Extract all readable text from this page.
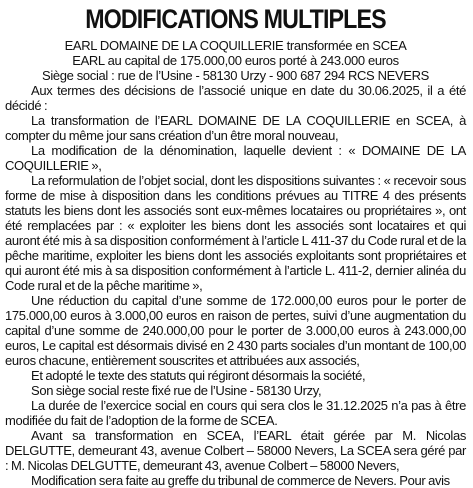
MODIFICATIONS MULTIPLES
EARL DOMAINE DE LA COQUILLERIE transformée en SCEA
EARL au capital de 175.000,00 euros porté à 243.000 euros
Siège social : rue de l’Usine - 58130 Urzy - 900 687 294 RCS NEVERS

Aux termes des décisions de l’associé unique en date du 30.06.2025, il a été décidé :

La transformation de l’EARL DOMAINE DE LA COQUILLERIE en SCEA, à compter du même jour sans création d’un être moral nouveau,

La modification de la dénomination, laquelle devient : « DOMAINE DE LA COQUILLERIE »,

La reformulation de l’objet social, dont les dispositions suivantes : « recevoir sous forme de mise à disposition dans les conditions prévues au TITRE 4 des présents statuts les biens dont les associés sont eux-mêmes locataires ou propriétaires », ont été remplacées par : « exploiter les biens dont les associés sont locataires et qui auront été mis à sa disposition conformément à l’article L 411-37 du Code rural et de la pêche maritime, exploiter les biens dont les associés exploitants sont propriétaires et qui auront été mis à sa disposition conformément à l’article L. 411-2, dernier alinéa du Code rural et de la pêche maritime »,

Une réduction du capital d’une somme de 172.000,00 euros pour le porter de 175.000,00 euros à 3.000,00 euros en raison de pertes, suivi d’une augmentation du capital d’une somme de 240.000,00 pour le porter de 3.000,00 euros à 243.000,00 euros, Le capital est désormais divisé en 2 430 parts sociales d’un montant de 100,00 euros chacune, entièrement souscrites et attribuées aux associés,

Et adopté le texte des statuts qui régiront désormais la société,

Son siège social reste fixé rue de l’Usine - 58130 Urzy,

La durée de l’exercice social en cours qui sera clos le 31.12.2025 n’a pas à être modifiée du fait de l’adoption de la forme de SCEA.

Avant sa transformation en SCEA, l’EARL était gérée par M. Nicolas DELGUTTE, demeurant 43, avenue Colbert – 58000 Nevers, La SCEA sera géré par : M. Nicolas DELGUTTE, demeurant 43, avenue Colbert – 58000 Nevers,

Modification sera faite au greffe du tribunal de commerce de Nevers. Pour avis
